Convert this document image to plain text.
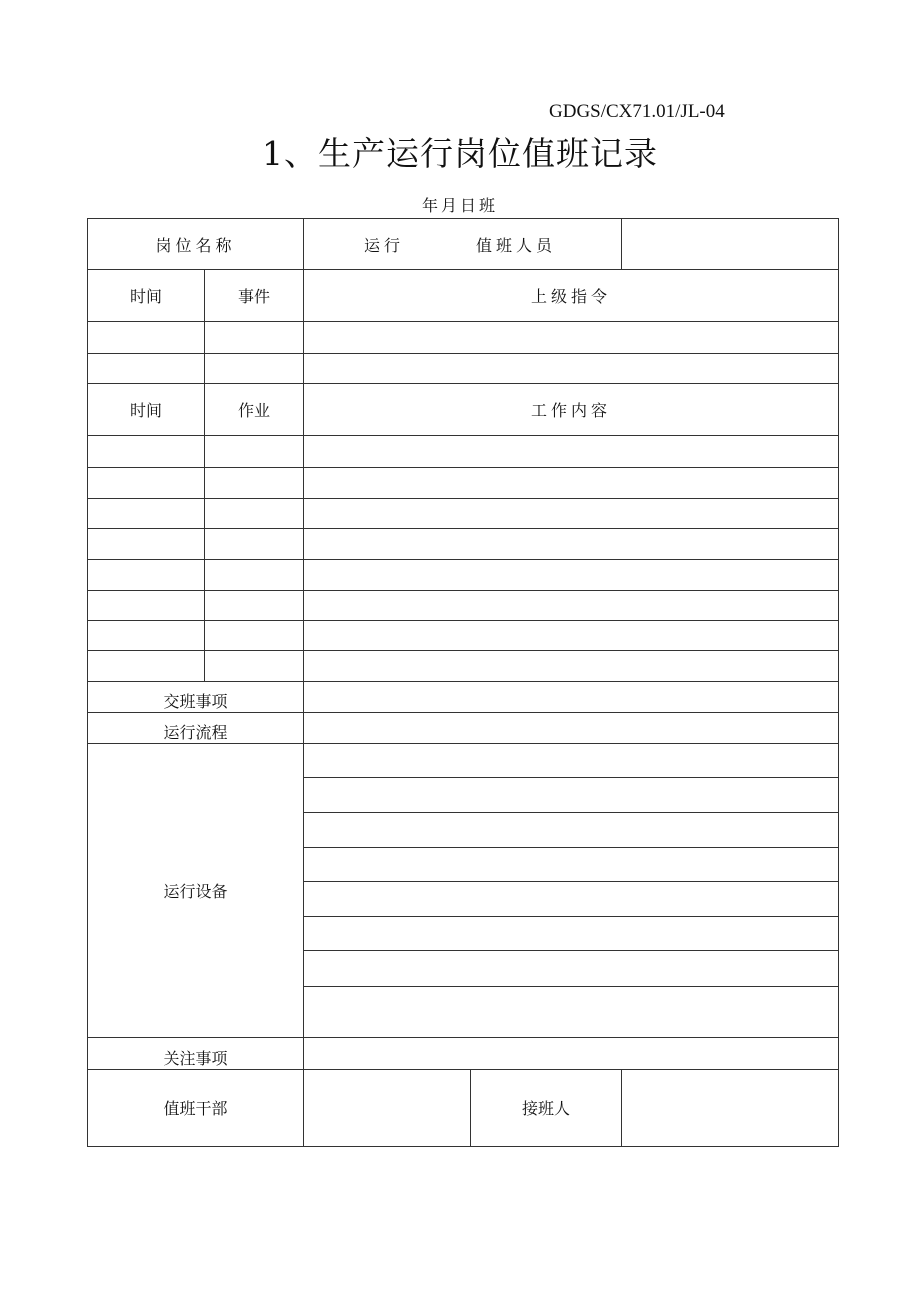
GDGS/CX71.01/JL-04
1、生产运行岗位值班记录
年月日班
岗位名称		运行 值班人员		
时间	事件	上级指令		

时间	作业	工作内容		

交班事项				
运行流程				
运行设备				

关注事项				
值班干部			接班人	
